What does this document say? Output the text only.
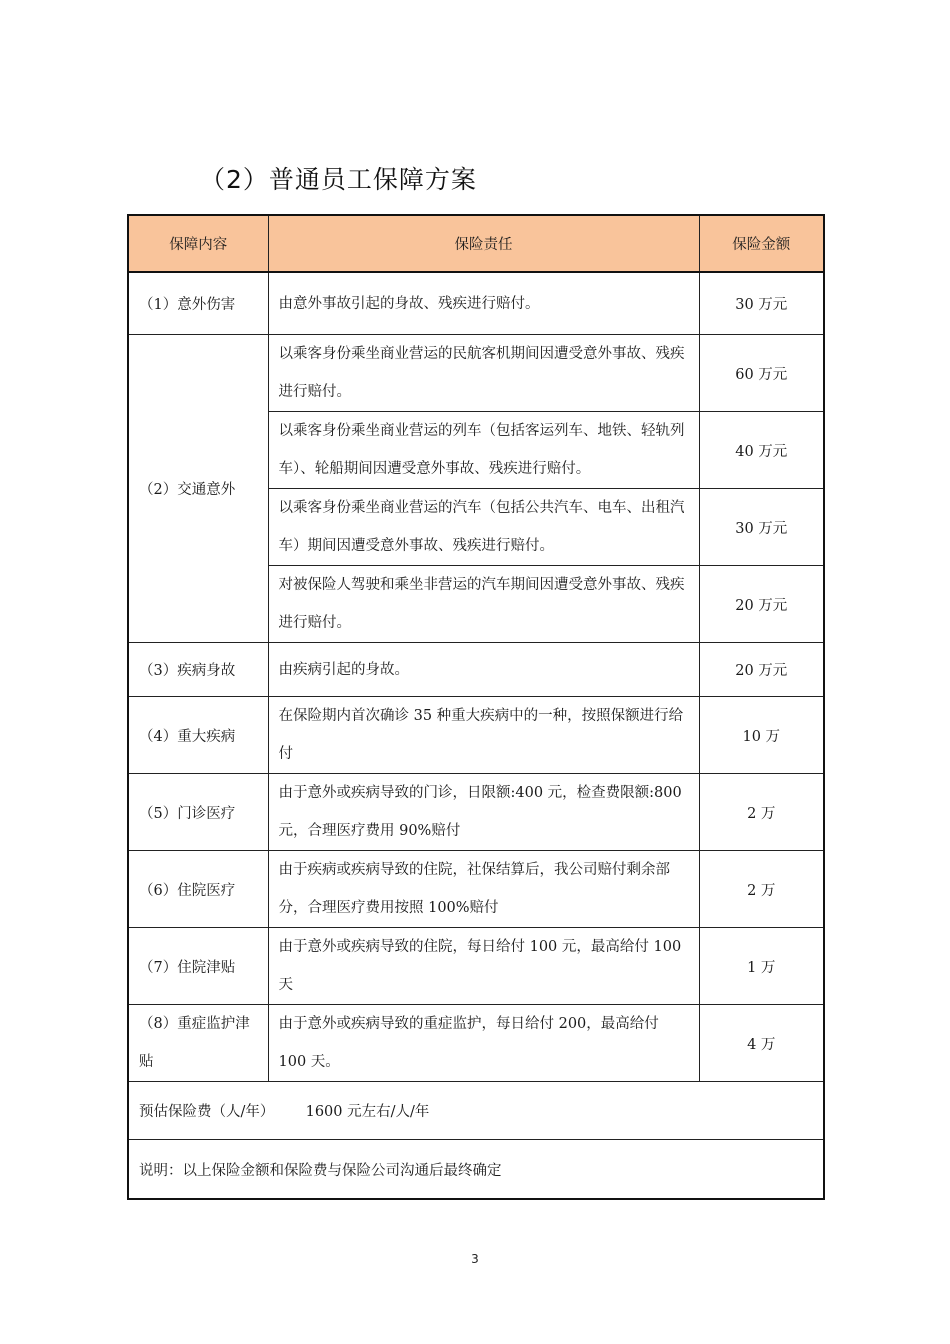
（2）普通员工保障方案
保障内容	保险责任	保险金额
（1）意外伤害	由意外事故引起的身故、残疾进行赔付。	30 万元
（2）交通意外	以乘客身份乘坐商业营运的民航客机期间因遭受意外事故、残疾进行赔付。	60 万元
	以乘客身份乘坐商业营运的列车（包括客运列车、地铁、轻轨列车）、轮船期间因遭受意外事故、残疾进行赔付。	40 万元
	以乘客身份乘坐商业营运的汽车（包括公共汽车、电车、出租汽车）期间因遭受意外事故、残疾进行赔付。	30 万元
	对被保险人驾驶和乘坐非营运的汽车期间因遭受意外事故、残疾进行赔付。	20 万元
（3）疾病身故	由疾病引起的身故。	20 万元
（4）重大疾病	在保险期内首次确诊 35 种重大疾病中的一种，按照保额进行给付	10 万
（5）门诊医疗	由于意外或疾病导致的门诊，日限额:400 元，检查费限额:800 元，合理医疗费用 90%赔付	2 万
（6）住院医疗	由于疾病或疾病导致的住院，社保结算后，我公司赔付剩余部分，合理医疗费用按照 100%赔付	2 万
（7）住院津贴	由于意外或疾病导致的住院，每日给付 100 元，最高给付 100 天	1 万
（8）重症监护津贴	由于意外或疾病导致的重症监护，每日给付 200，最高给付 100 天。	4 万
预估保险费（人/年） 1600 元左右/人/年		
说明：以上保险金额和保险费与保险公司沟通后最终确定		
3
